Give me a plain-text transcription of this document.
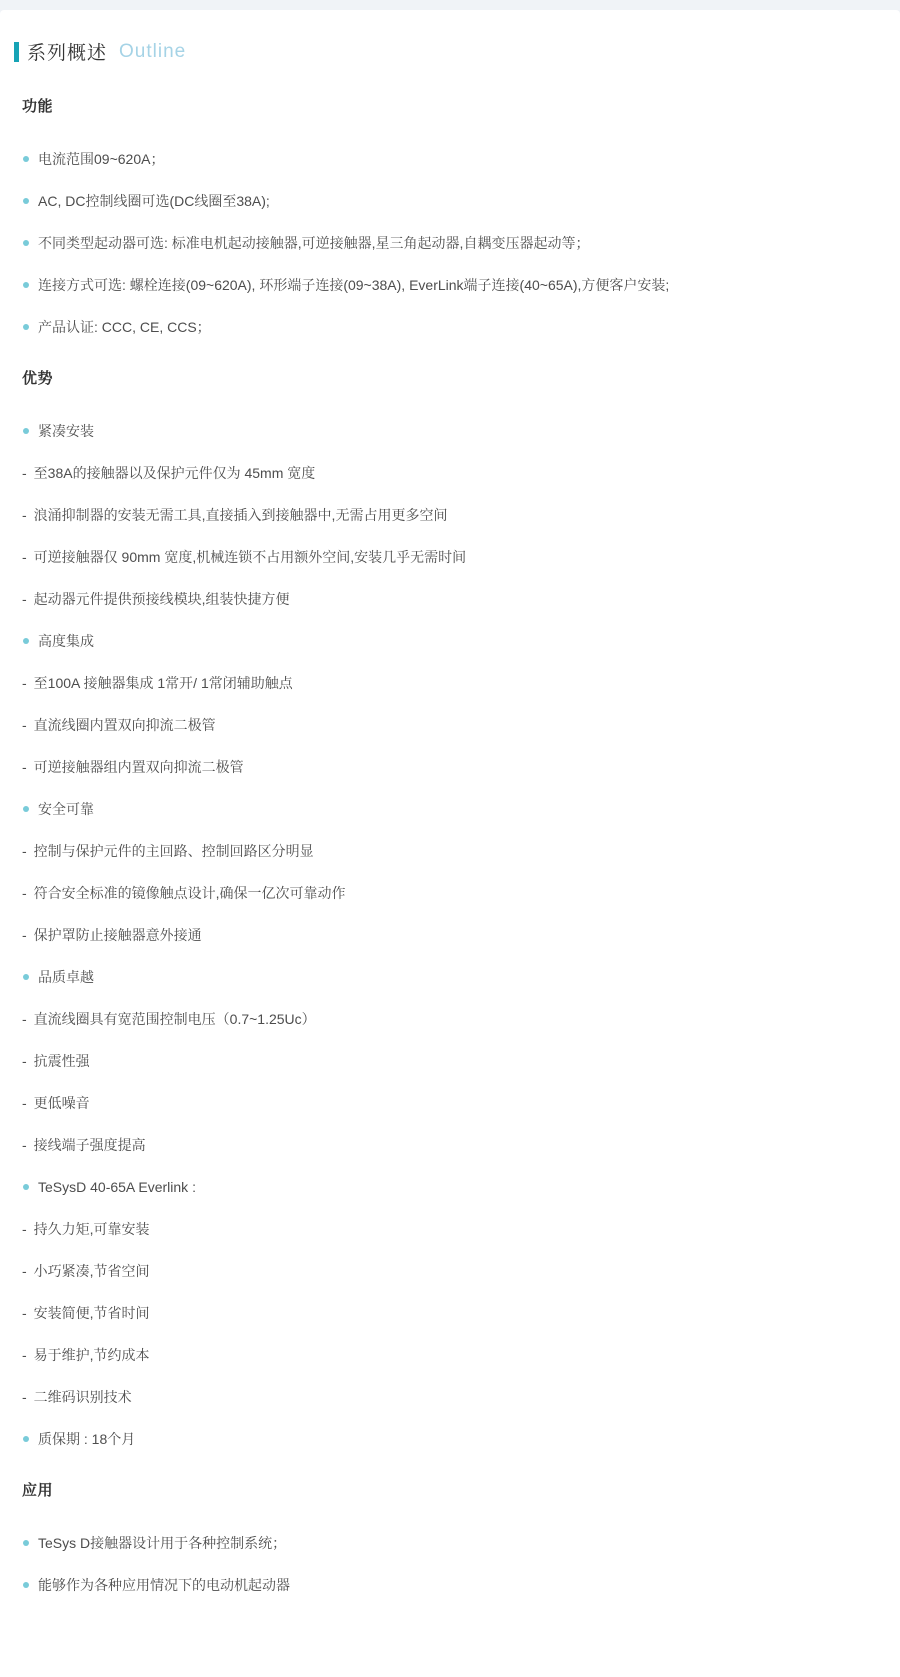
系列概述 Outline
功能
电流范围09~620A；
AC, DC控制线圈可选(DC线圈至38A);
不同类型起动器可选: 标准电机起动接触器,可逆接触器,星三角起动器,自耦变压器起动等；
连接方式可选: 螺栓连接(09~620A), 环形端子连接(09~38A), EverLink端子连接(40~65A),方便客户安装;
产品认证: CCC, CE, CCS；
优势
紧凑安装
- 至38A的接触器以及保护元件仅为 45mm 宽度
- 浪涌抑制器的安装无需工具,直接插入到接触器中,无需占用更多空间
- 可逆接触器仅 90mm 宽度,机械连锁不占用额外空间,安装几乎无需时间
- 起动器元件提供预接线模块,组装快捷方便
高度集成
- 至100A 接触器集成 1常开/ 1常闭辅助触点
- 直流线圈内置双向抑流二极管
- 可逆接触器组内置双向抑流二极管
安全可靠
- 控制与保护元件的主回路、控制回路区分明显
- 符合安全标准的镜像触点设计,确保一亿次可靠动作
- 保护罩防止接触器意外接通
品质卓越
- 直流线圈具有宽范围控制电压（0.7~1.25Uc）
- 抗震性强
- 更低噪音
- 接线端子强度提高
TeSysD 40-65A Everlink :
- 持久力矩,可靠安装
- 小巧紧凑,节省空间
- 安装简便,节省时间
- 易于维护,节约成本
- 二维码识别技术
质保期 : 18个月
应用
TeSys D接触器设计用于各种控制系统；
能够作为各种应用情况下的电动机起动器
